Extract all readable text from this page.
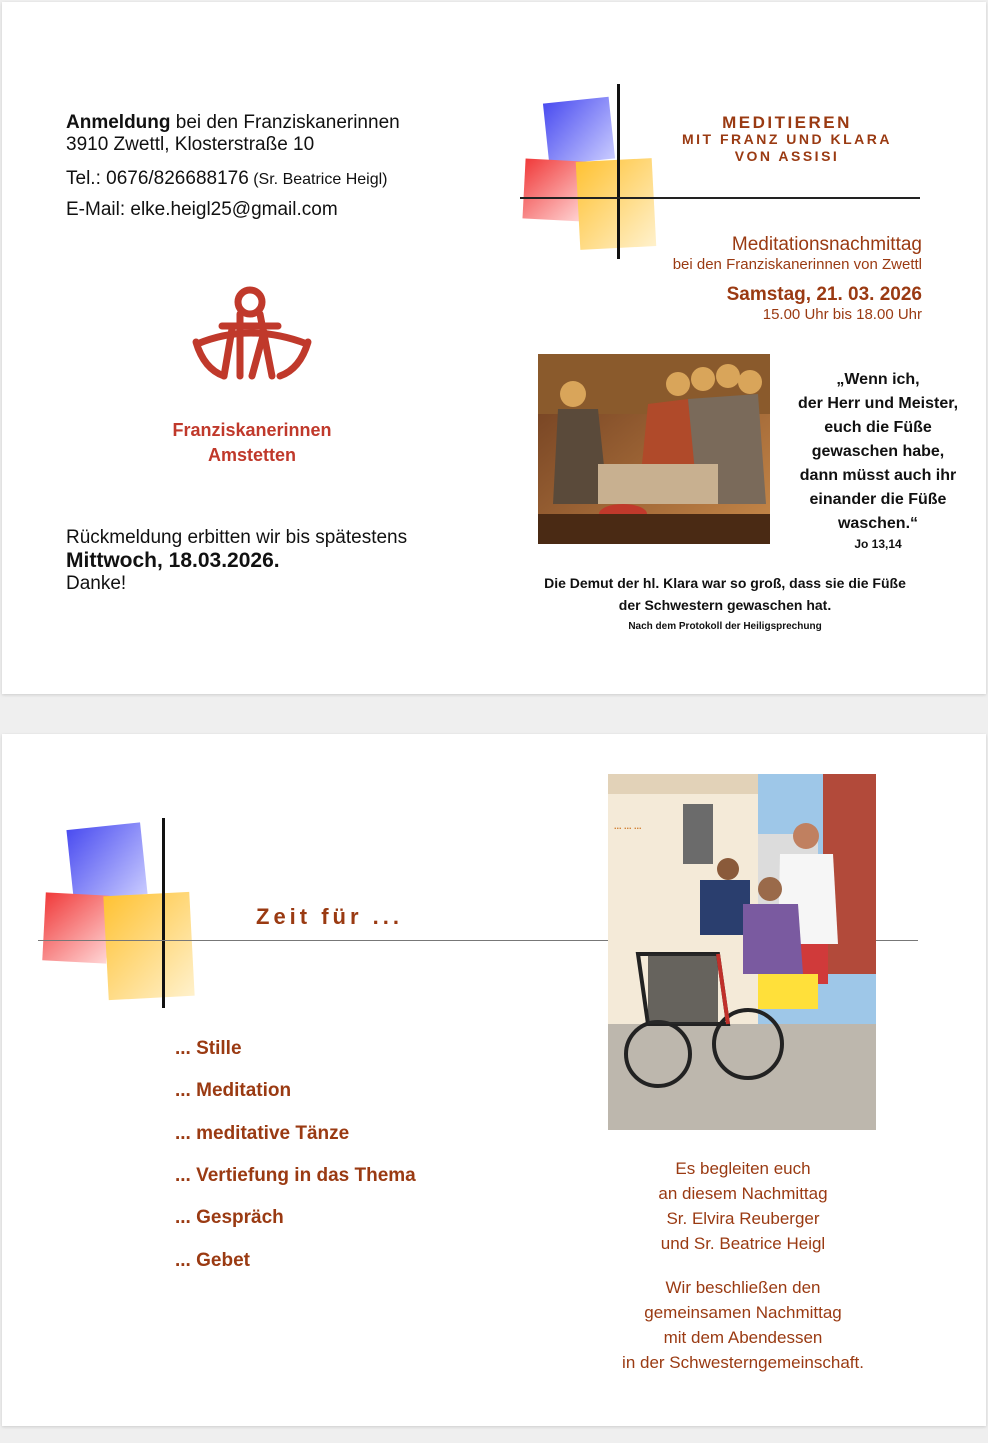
Anmeldung bei den Franziskanerinnen
3910 Zwettl, Klosterstraße 10
Tel.: 0676/826688176 (Sr. Beatrice Heigl)
E-Mail: elke.heigl25@gmail.com
Franziskanerinnen
Amstetten
Rückmeldung erbitten wir bis spätestens
Mittwoch, 18.03.2026.
Danke!
MEDITIEREN
MIT FRANZ UND KLARA
VON ASSISI
Meditationsnachmittag
bei den Franziskanerinnen von Zwettl
Samstag, 21. 03. 2026
15.00 Uhr bis 18.00 Uhr
„Wenn ich,
der Herr und Meister,
euch die Füße
gewaschen habe,
dann müsst auch ihr
einander die Füße
waschen.“
Jo 13,14
Die Demut der hl. Klara war so groß, dass sie die Füße
der Schwestern gewaschen hat.
Nach dem Protokoll der Heiligsprechung
Zeit für ...
... Stille
... Meditation
... meditative Tänze
... Vertiefung in das Thema
... Gespräch
... Gebet
... ... ...
Es begleiten euch
an diesem Nachmittag
Sr. Elvira Reuberger
und Sr. Beatrice Heigl
Wir beschließen den
gemeinsamen Nachmittag
mit dem Abendessen
in der Schwesterngemeinschaft.
